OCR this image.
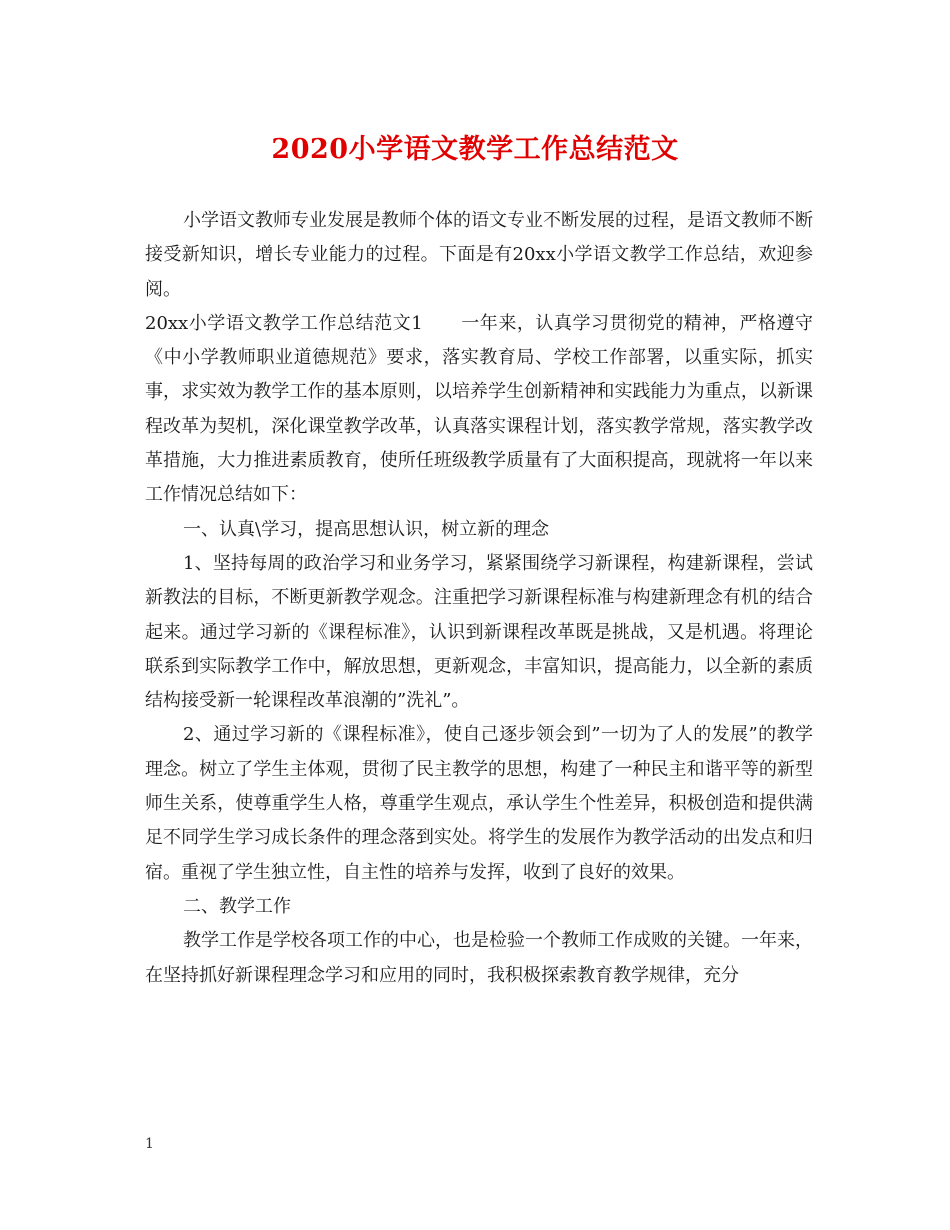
2020小学语文教学工作总结范文

小学语文教师专业发展是教师个体的语文专业不断发展的过程，是语文教师不断接受新知识，增长专业能力的过程。下面是有20xx小学语文教学工作总结，欢迎参阅。

20xx小学语文教学工作总结范文1 一年来，认真学习贯彻党的精神，严格遵守《中小学教师职业道德规范》要求，落实教育局、学校工作部署，以重实际，抓实事，求实效为教学工作的基本原则，以培养学生创新精神和实践能力为重点，以新课程改革为契机，深化课堂教学改革，认真落实课程计划，落实教学常规，落实教学改革措施，大力推进素质教育，使所任班级教学质量有了大面积提高，现就将一年以来工作情况总结如下：

一、认真\学习，提高思想认识，树立新的理念

1、坚持每周的政治学习和业务学习，紧紧围绕学习新课程，构建新课程，尝试新教法的目标，不断更新教学观念。注重把学习新课程标准与构建新理念有机的结合起来。通过学习新的《课程标准》，认识到新课程改革既是挑战，又是机遇。将理论联系到实际教学工作中，解放思想，更新观念，丰富知识，提高能力，以全新的素质结构接受新一轮课程改革浪潮的”洗礼”。

2、通过学习新的《课程标准》，使自己逐步领会到”一切为了人的发展”的教学理念。树立了学生主体观，贯彻了民主教学的思想，构建了一种民主和谐平等的新型师生关系，使尊重学生人格，尊重学生观点，承认学生个性差异，积极创造和提供满足不同学生学习成长条件的理念落到实处。将学生的发展作为教学活动的出发点和归宿。重视了学生独立性，自主性的培养与发挥，收到了良好的效果。

二、教学工作

教学工作是学校各项工作的中心，也是检验一个教师工作成败的关键。一年来，在坚持抓好新课程理念学习和应用的同时，我积极探索教育教学规律，充分

1
